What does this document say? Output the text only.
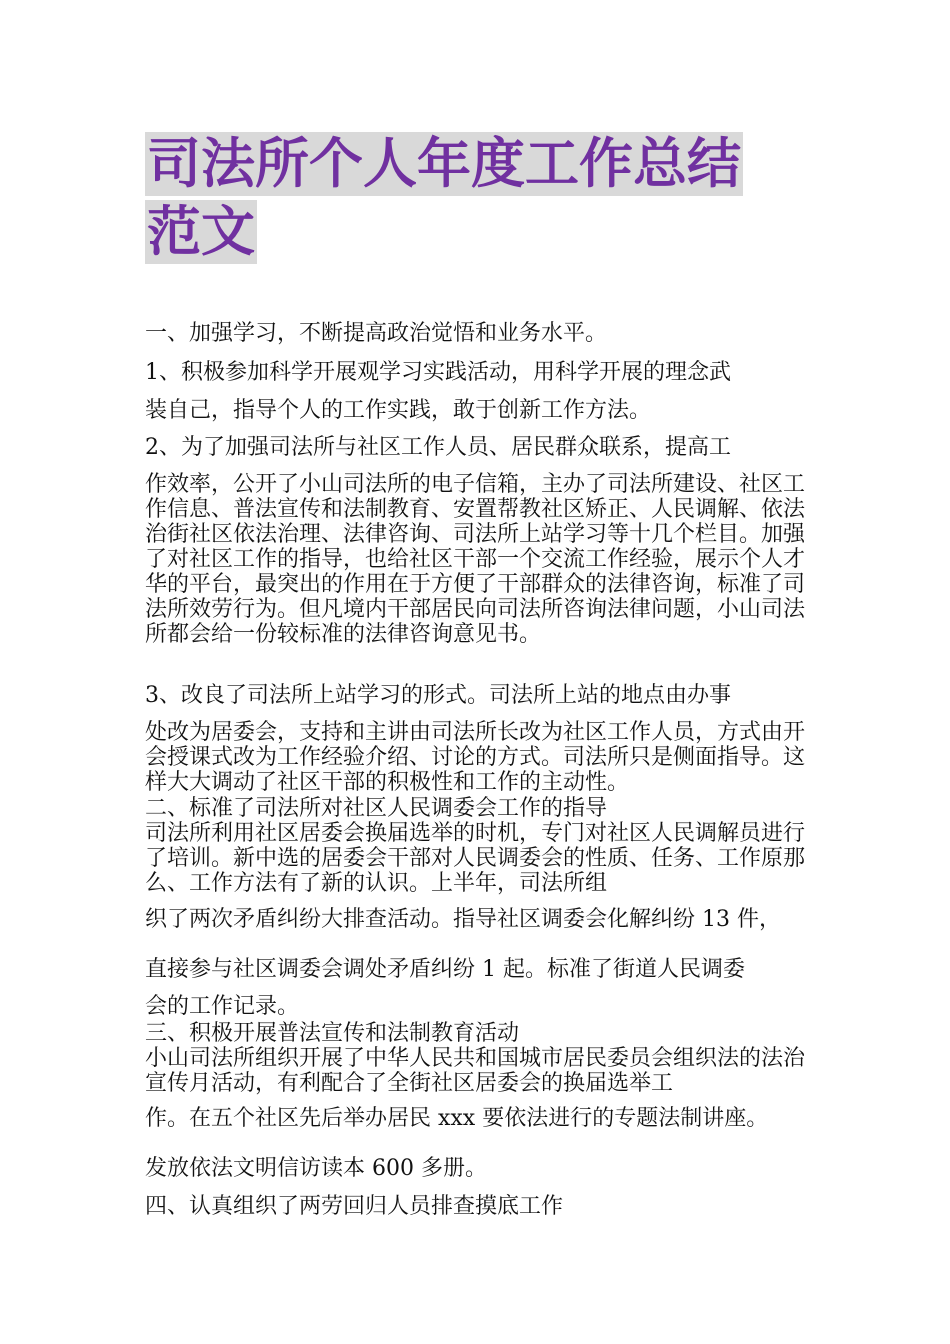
司法所个人年度工作总结
范文

一、加强学习，不断提高政治觉悟和业务水平。

1、积极参加科学开展观学习实践活动，用科学开展的理念武

装自己，指导个人的工作实践，敢于创新工作方法。

2、为了加强司法所与社区工作人员、居民群众联系，提高工

作效率，公开了小山司法所的电子信箱，主办了司法所建设、社区工作信息、普法宣传和法制教育、安置帮教社区矫正、人民调解、依法治街社区依法治理、法律咨询、司法所上站学习等十几个栏目。加强了对社区工作的指导，也给社区干部一个交流工作经验，展示个人才华的平台，最突出的作用在于方便了干部群众的法律咨询，标准了司法所效劳行为。但凡境内干部居民向司法所咨询法律问题，小山司法所都会给一份较标准的法律咨询意见书。

3、改良了司法所上站学习的形式。司法所上站的地点由办事

处改为居委会，支持和主讲由司法所长改为社区工作人员，方式由开会授课式改为工作经验介绍、讨论的方式。司法所只是侧面指导。这样大大调动了社区干部的积极性和工作的主动性。

二、标准了司法所对社区人民调委会工作的指导

司法所利用社区居委会换届选举的时机，专门对社区人民调解员进行了培训。新中选的居委会干部对人民调委会的性质、任务、工作原那么、工作方法有了新的认识。上半年，司法所组

织了两次矛盾纠纷大排查活动。指导社区调委会化解纠纷 13 件，

直接参与社区调委会调处矛盾纠纷 1 起。标准了街道人民调委

会的工作记录。

三、积极开展普法宣传和法制教育活动

小山司法所组织开展了中华人民共和国城市居民委员会组织法的法治宣传月活动，有利配合了全街社区居委会的换届选举工

作。在五个社区先后举办居民 xxx 要依法进行的专题法制讲座。

发放依法文明信访读本 600 多册。

四、认真组织了两劳回归人员排查摸底工作
